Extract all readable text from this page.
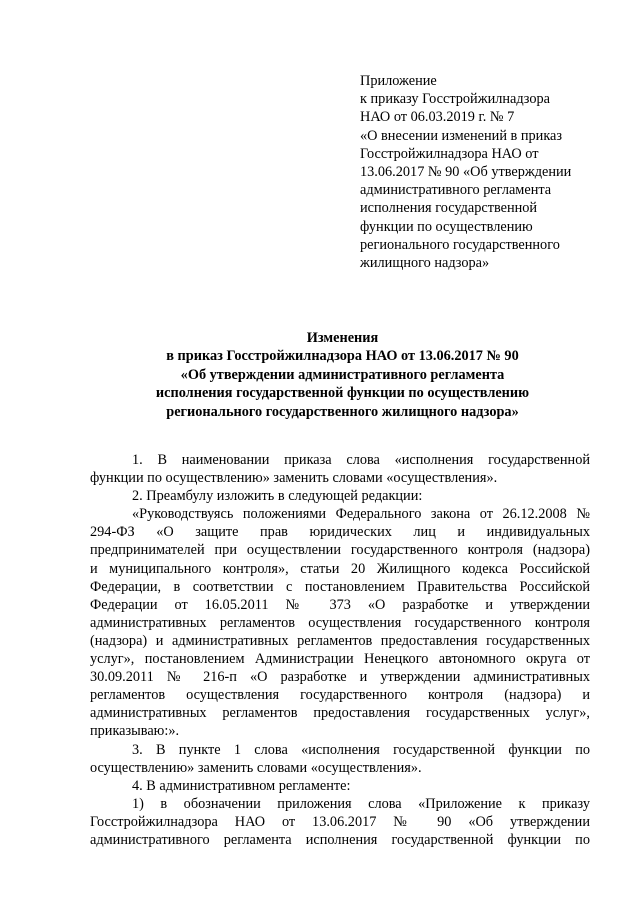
Приложение
к приказу Госстройжилнадзора
НАО от 06.03.2019 г. № 7
«О внесении изменений в приказ
Госстройжилнадзора НАО от
13.06.2017 № 90 «Об утверждении
административного регламента
исполнения государственной
функции по осуществлению
регионального государственного
жилищного надзора»
Изменения
в приказ Госстройжилнадзора НАО от 13.06.2017 № 90
«Об утверждении административного регламента
исполнения государственной функции по осуществлению
регионального государственного жилищного надзора»
1. В наименовании приказа слова «исполнения государственной
функции по осуществлению» заменить словами «осуществления».
2. Преамбулу изложить в следующей редакции:
«Руководствуясь положениями Федерального закона от 26.12.2008 №
294-ФЗ «О защите прав юридических лиц и индивидуальных
предпринимателей при осуществлении государственного контроля (надзора)
и муниципального контроля», статьи 20 Жилищного кодекса Российской
Федерации, в соответствии с постановлением Правительства Российской
Федерации от 16.05.2011 № 373 «О разработке и утверждении
административных регламентов осуществления государственного контроля
(надзора) и административных регламентов предоставления государственных
услуг», постановлением Администрации Ненецкого автономного округа от
30.09.2011 № 216-п «О разработке и утверждении административных
регламентов осуществления государственного контроля (надзора) и
административных регламентов предоставления государственных услуг»,
приказываю:».
3. В пункте 1 слова «исполнения государственной функции по
осуществлению» заменить словами «осуществления».
4. В административном регламенте:
1) в обозначении приложения слова «Приложение к приказу
Госстройжилнадзора НАО от 13.06.2017 № 90 «Об утверждении
административного регламента исполнения государственной функции по
